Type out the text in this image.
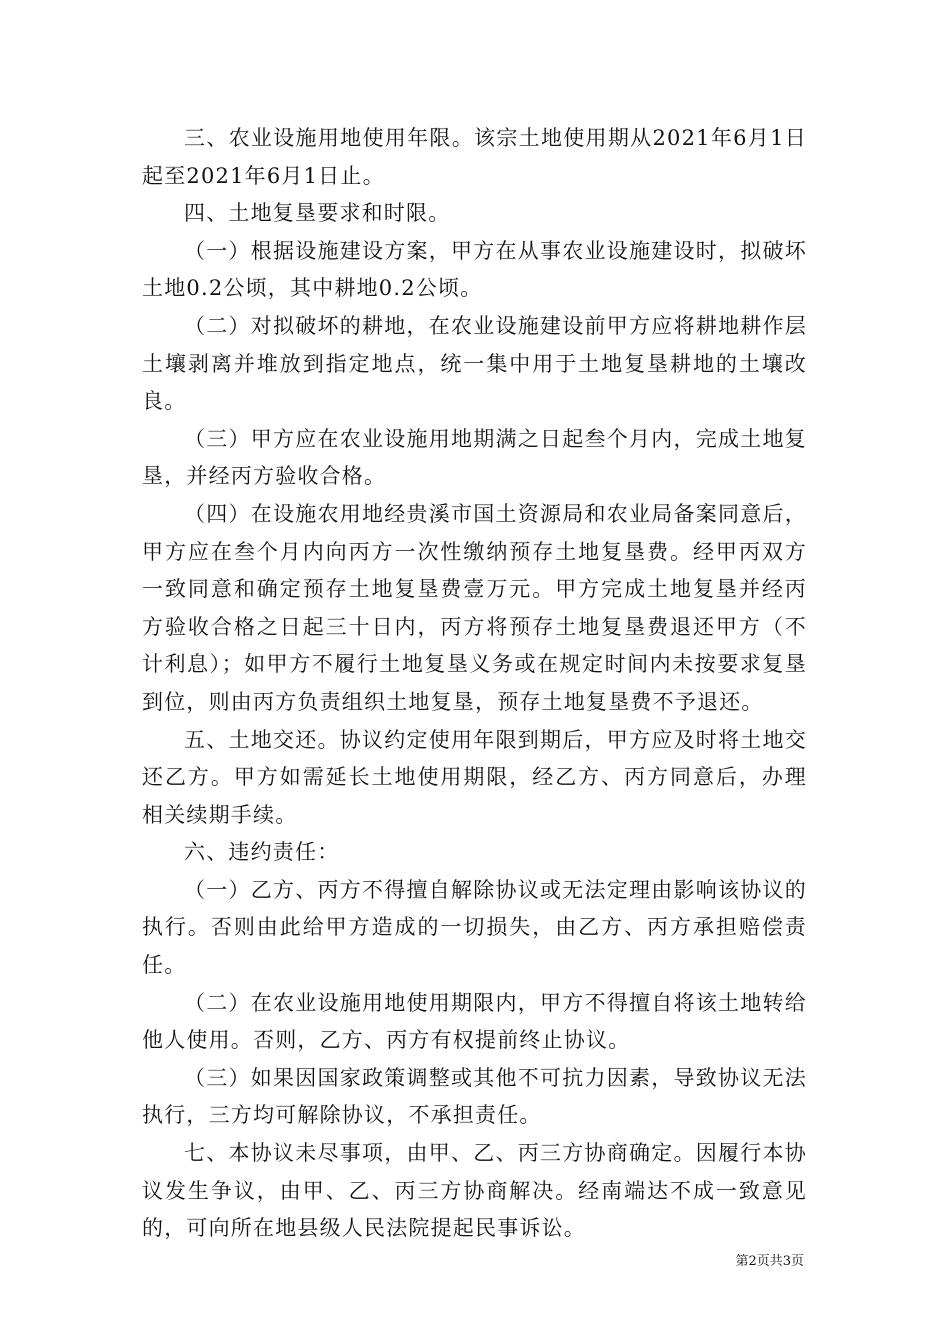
三、农业设施用地使用年限。该宗土地使用期从2021年6月1日起至2021年6月1日止。

四、土地复垦要求和时限。

（一）根据设施建设方案，甲方在从事农业设施建设时，拟破坏土地0.2公顷，其中耕地0.2公顷。

（二）对拟破坏的耕地，在农业设施建设前甲方应将耕地耕作层土壤剥离并堆放到指定地点，统一集中用于土地复垦耕地的土壤改良。

（三）甲方应在农业设施用地期满之日起叁个月内，完成土地复垦，并经丙方验收合格。

（四）在设施农用地经贵溪市国土资源局和农业局备案同意后，甲方应在叁个月内向丙方一次性缴纳预存土地复垦费。经甲丙双方一致同意和确定预存土地复垦费壹万元。甲方完成土地复垦并经丙方验收合格之日起三十日内，丙方将预存土地复垦费退还甲方（不计利息）；如甲方不履行土地复垦义务或在规定时间内未按要求复垦到位，则由丙方负责组织土地复垦，预存土地复垦费不予退还。

五、土地交还。协议约定使用年限到期后，甲方应及时将土地交还乙方。甲方如需延长土地使用期限，经乙方、丙方同意后，办理相关续期手续。

六、违约责任：

（一）乙方、丙方不得擅自解除协议或无法定理由影响该协议的执行。否则由此给甲方造成的一切损失，由乙方、丙方承担赔偿责任。

（二）在农业设施用地使用期限内，甲方不得擅自将该土地转给他人使用。否则，乙方、丙方有权提前终止协议。

（三）如果因国家政策调整或其他不可抗力因素，导致协议无法执行，三方均可解除协议，不承担责任。

七、本协议未尽事项，由甲、乙、丙三方协商确定。因履行本协议发生争议，由甲、乙、丙三方协商解决。经南端达不成一致意见的，可向所在地县级人民法院提起民事诉讼。

第2页共3页
